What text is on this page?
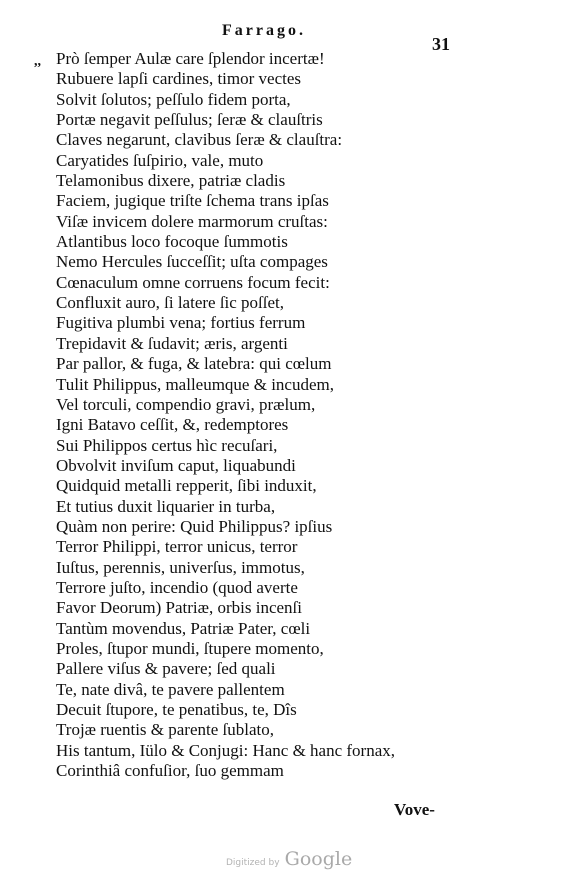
Farrago.
31
,, Prò ſemper Aulæ care ſplendor incertæ!
Rubuere lapſi cardines, timor vectes
Solvit ſolutos; peſſulo fidem porta,
Portæ negavit peſſulus; ſeræ & clauſtris
Claves negarunt, clavibus ſeræ & clauſtra:
Caryatides ſuſpirio, vale, muto
Telamonibus dixere, patriæ cladis
Faciem, jugique triſte ſchema trans ipſas
Viſæ invicem dolere marmorum cruſtas:
Atlantibus loco focoque ſummotis
Nemo Hercules ſucceſſit; uſta compages
Cœnaculum omne corruens focum fecit:
Confluxit auro, ſi latere ſic poſſet,
Fugitiva plumbi vena; fortius ferrum
Trepidavit & ſudavit; æris, argenti
Par pallor, & fuga, & latebra: qui cœlum
Tulit Philippus, malleumque & incudem,
Vel torculi, compendio gravi, prælum,
Igni Batavo ceſſit, &, redemptores
Sui Philippos certus hìc recuſari,
Obvolvit inviſum caput, liquabundi
Quidquid metalli repperit, ſibi induxit,
Et tutius duxit liquarier in turba,
Quàm non perire: Quid Philippus? ipſius
Terror Philippi, terror unicus, terror
Iuſtus, perennis, univerſus, immotus,
Terrore juſto, incendio (quod averte
Favor Deorum) Patriæ, orbis incenſi
Tantùm movendus, Patriæ Pater, cœli
Proles, ſtupor mundi, ſtupere momento,
Pallere viſus & pavere; ſed quali
Te, nate divâ, te pavere pallentem
Decuit ſtupore, te penatibus, te, Dîs
Trojæ ruentis & parente ſublato,
His tantum, Iülo & Conjugi: Hanc & hanc fornax,
Corinthiâ confuſior, ſuo gemmam
Vove-
Digitized by Google
